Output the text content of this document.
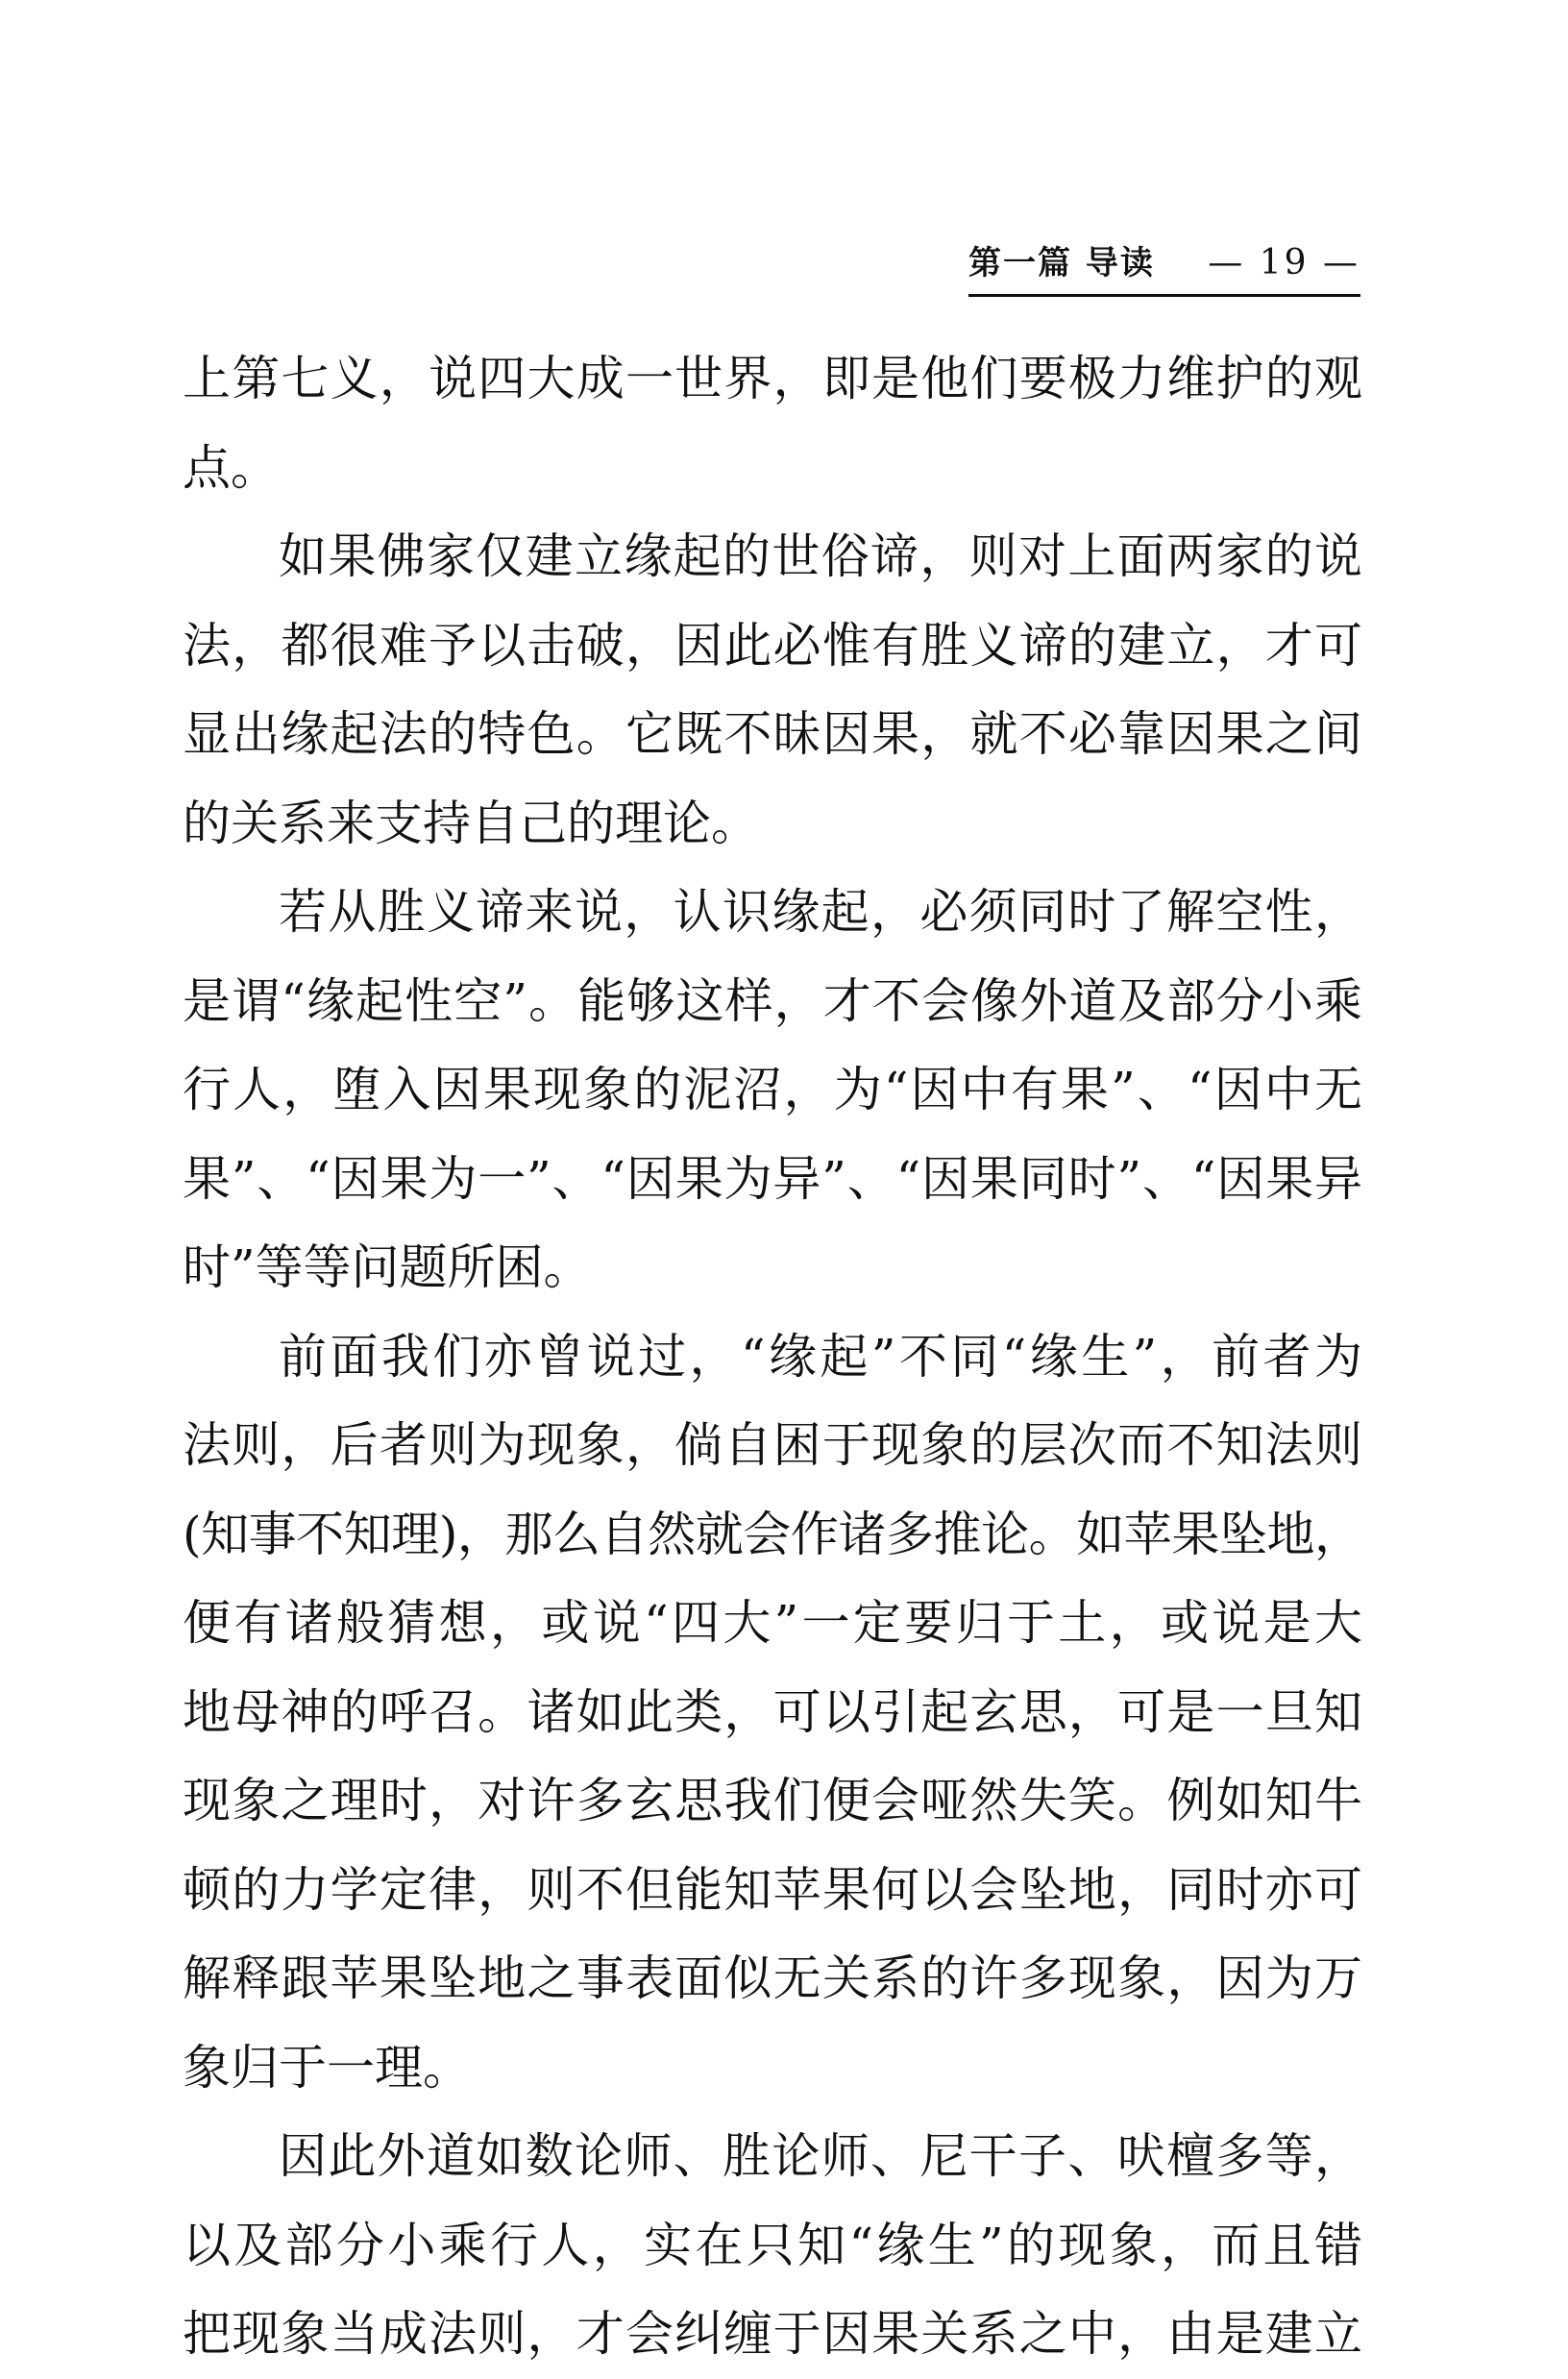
第一篇 导读 — 19 —
上第七义，说四大成一世界，即是他们要极力维护的观
点。
如果佛家仅建立缘起的世俗谛，则对上面两家的说
法，都很难予以击破，因此必惟有胜义谛的建立，才可
显出缘起法的特色。它既不昧因果，就不必靠因果之间
的关系来支持自己的理论。
若从胜义谛来说，认识缘起，必须同时了解空性，
是谓“缘起性空”。能够这样，才不会像外道及部分小乘
行人，堕入因果现象的泥沼，为“因中有果”、“因中无
果”、“因果为一”、“因果为异”、“因果同时”、“因果异
时”等等问题所困。
前面我们亦曾说过，“缘起”不同“缘生”，前者为
法则，后者则为现象，倘自困于现象的层次而不知法则
(知事不知理)，那么自然就会作诸多推论。如苹果坠地，
便有诸般猜想，或说“四大”一定要归于土，或说是大
地母神的呼召。诸如此类，可以引起玄思，可是一旦知
现象之理时，对许多玄思我们便会哑然失笑。例如知牛
顿的力学定律，则不但能知苹果何以会坠地，同时亦可
解释跟苹果坠地之事表面似无关系的许多现象，因为万
象归于一理。
因此外道如数论师、胜论师、尼干子、吠檀多等，
以及部分小乘行人，实在只知“缘生”的现象，而且错
把现象当成法则，才会纠缠于因果关系之中，由是建立
